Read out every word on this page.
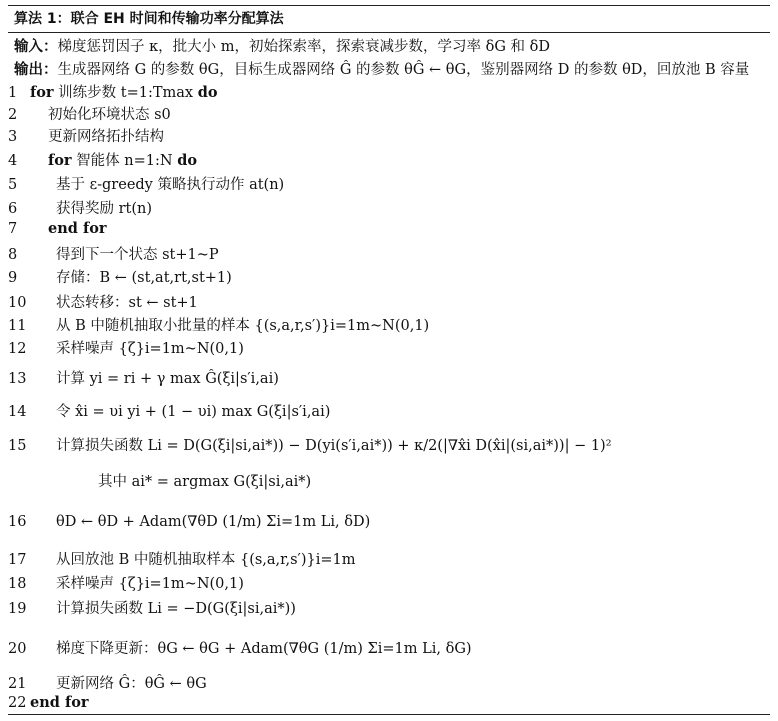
算法 1：联合 EH 时间和传输功率分配算法
输入：梯度惩罚因子 κ，批大小 m，初始探索率，探索衰减步数，学习率 δG 和 δD
输出：生成器网络 G 的参数 θG，目标生成器网络 Ĝ 的参数 θĜ ← θG，鉴别器网络 D 的参数 θD，回放池 B 容量
1 for 训练步数 t=1:Tmax do
2 初始化环境状态 s0
3 更新网络拓扑结构
4 for 智能体 n=1:N do
5	基于 ε-greedy 策略执行动作 at(n)
6	获得奖励 rt(n)
7 end for
8	得到下一个状态 st+1~P
9	存储：B ← (st,at,rt,st+1)
10 状态转移：st ← st+1
11 从 B 中随机抽取小批量的样本 {(s,a,r,s′)}i=1m~N(0,1)
12 采样噪声 {ζ}i=1m~N(0,1)
13 计算 yi = ri + γ max Ĝ(ξi|s′i,ai)
14 令 x̂i = υi yi + (1 − υi) max G(ξi|s′i,ai)
15 计算损失函数 Li = D(G(ξi|si,ai*)) − D(yi(s′i,ai*)) + κ/2(|∇x̂i D(x̂i|(si,ai*))| − 1)²
其中 ai* = argmax G(ξi|si,ai*)
16 θD ← θD + Adam(∇θD (1/m) Σi=1m Li, δD)
17 从回放池 B 中随机抽取样本 {(s,a,r,s′)}i=1m
18 采样噪声 {ζ}i=1m~N(0,1)
19 计算损失函数 Li = −D(G(ξi|si,ai*))
20 梯度下降更新：θG ← θG + Adam(∇θG (1/m) Σi=1m Li, δG)
21 更新网络 Ĝ：θĜ ← θG
22 end for
